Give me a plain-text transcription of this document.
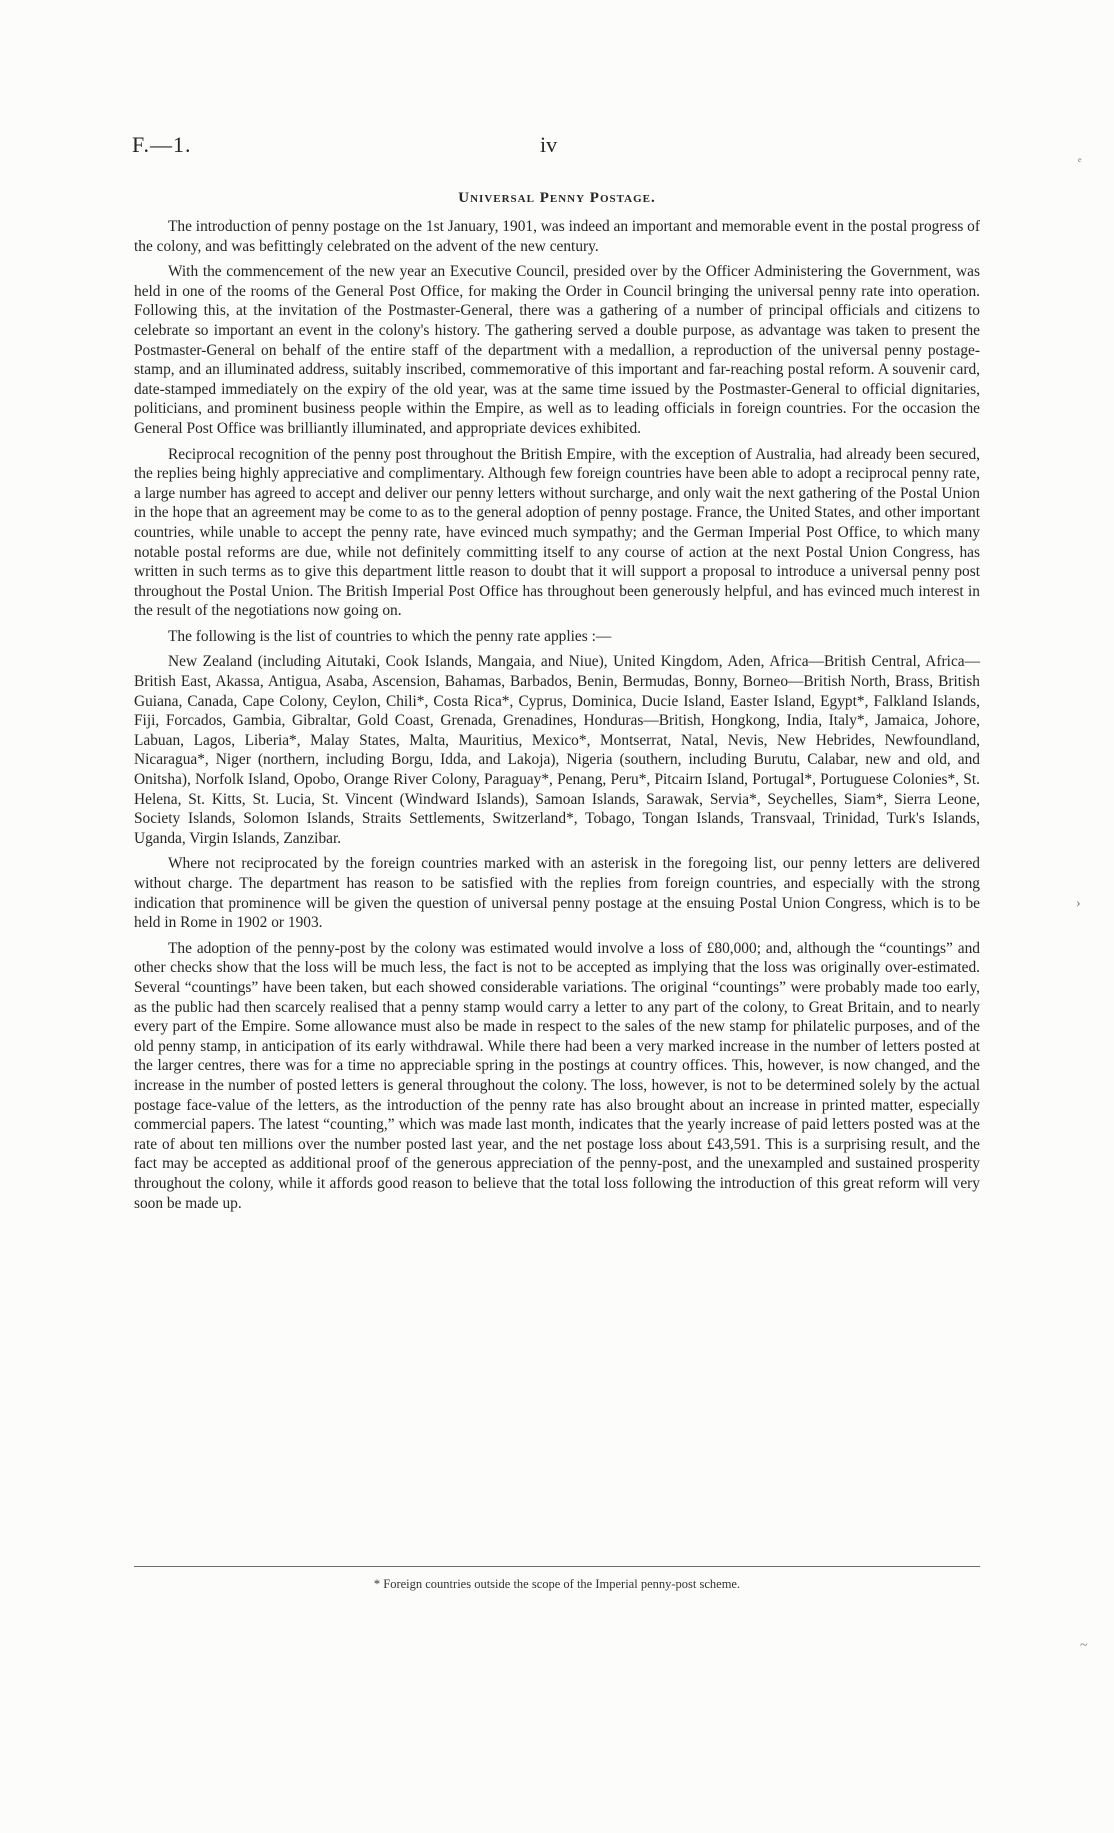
F.—1.	iv
Universal Penny Postage.

The introduction of penny postage on the 1st January, 1901, was indeed an important and memorable event in the postal progress of the colony, and was befittingly celebrated on the advent of the new century.

With the commencement of the new year an Executive Council, presided over by the Officer Administering the Government, was held in one of the rooms of the General Post Office, for making the Order in Council bringing the universal penny rate into operation. Following this, at the invitation of the Postmaster-General, there was a gathering of a number of principal officials and citizens to celebrate so important an event in the colony's history. The gathering served a double purpose, as advantage was taken to present the Postmaster-General on behalf of the entire staff of the department with a medallion, a reproduction of the universal penny postage-stamp, and an illuminated address, suitably inscribed, commemorative of this important and far-reaching postal reform. A souvenir card, date-stamped immediately on the expiry of the old year, was at the same time issued by the Postmaster-General to official dignitaries, politicians, and prominent business people within the Empire, as well as to leading officials in foreign countries. For the occasion the General Post Office was brilliantly illuminated, and appropriate devices exhibited.

Reciprocal recognition of the penny post throughout the British Empire, with the exception of Australia, had already been secured, the replies being highly appreciative and complimentary. Although few foreign countries have been able to adopt a reciprocal penny rate, a large number has agreed to accept and deliver our penny letters without surcharge, and only wait the next gathering of the Postal Union in the hope that an agreement may be come to as to the general adoption of penny postage. France, the United States, and other important countries, while unable to accept the penny rate, have evinced much sympathy; and the German Imperial Post Office, to which many notable postal reforms are due, while not definitely committing itself to any course of action at the next Postal Union Congress, has written in such terms as to give this department little reason to doubt that it will support a proposal to introduce a universal penny post throughout the Postal Union. The British Imperial Post Office has throughout been generously helpful, and has evinced much interest in the result of the negotiations now going on.

The following is the list of countries to which the penny rate applies :—

New Zealand (including Aitutaki, Cook Islands, Mangaia, and Niue), United Kingdom, Aden, Africa—British Central, Africa—British East, Akassa, Antigua, Asaba, Ascension, Bahamas, Barbados, Benin, Bermudas, Bonny, Borneo—British North, Brass, British Guiana, Canada, Cape Colony, Ceylon, Chili*, Costa Rica*, Cyprus, Dominica, Ducie Island, Easter Island, Egypt*, Falkland Islands, Fiji, Forcados, Gambia, Gibraltar, Gold Coast, Grenada, Grenadines, Honduras—British, Hongkong, India, Italy*, Jamaica, Johore, Labuan, Lagos, Liberia*, Malay States, Malta, Mauritius, Mexico*, Montserrat, Natal, Nevis, New Hebrides, Newfoundland, Nicaragua*, Niger (northern, including Borgu, Idda, and Lakoja), Nigeria (southern, including Burutu, Calabar, new and old, and Onitsha), Norfolk Island, Opobo, Orange River Colony, Paraguay*, Penang, Peru*, Pitcairn Island, Portugal*, Portuguese Colonies*, St. Helena, St. Kitts, St. Lucia, St. Vincent (Windward Islands), Samoan Islands, Sarawak, Servia*, Seychelles, Siam*, Sierra Leone, Society Islands, Solomon Islands, Straits Settlements, Switzerland*, Tobago, Tongan Islands, Transvaal, Trinidad, Turk's Islands, Uganda, Virgin Islands, Zanzibar.

Where not reciprocated by the foreign countries marked with an asterisk in the foregoing list, our penny letters are delivered without charge. The department has reason to be satisfied with the replies from foreign countries, and especially with the strong indication that prominence will be given the question of universal penny postage at the ensuing Postal Union Congress, which is to be held in Rome in 1902 or 1903.

The adoption of the penny-post by the colony was estimated would involve a loss of £80,000; and, although the “countings” and other checks show that the loss will be much less, the fact is not to be accepted as implying that the loss was originally over-estimated. Several “countings” have been taken, but each showed considerable variations. The original “countings” were probably made too early, as the public had then scarcely realised that a penny stamp would carry a letter to any part of the colony, to Great Britain, and to nearly every part of the Empire. Some allowance must also be made in respect to the sales of the new stamp for philatelic purposes, and of the old penny stamp, in anticipation of its early withdrawal. While there had been a very marked increase in the number of letters posted at the larger centres, there was for a time no appreciable spring in the postings at country offices. This, however, is now changed, and the increase in the number of posted letters is general throughout the colony. The loss, however, is not to be determined solely by the actual postage face-value of the letters, as the introduction of the penny rate has also brought about an increase in printed matter, especially commercial papers. The latest “counting,” which was made last month, indicates that the yearly increase of paid letters posted was at the rate of about ten millions over the number posted last year, and the net postage loss about £43,591. This is a surprising result, and the fact may be accepted as additional proof of the generous appreciation of the penny-post, and the unexampled and sustained prosperity throughout the colony, while it affords good reason to believe that the total loss following the introduction of this great reform will very soon be made up.

* Foreign countries outside the scope of the Imperial penny-post scheme.
ₑ
›
~
